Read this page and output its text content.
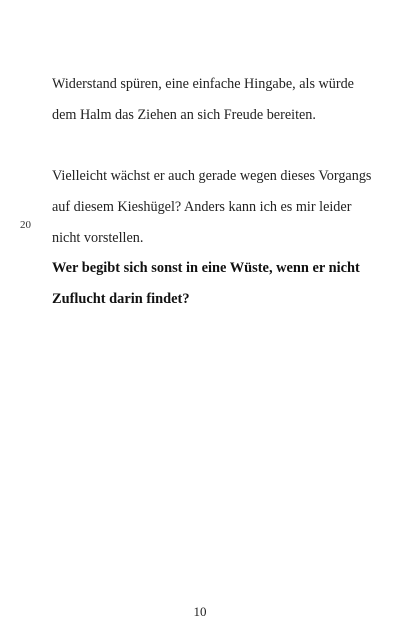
Widerstand spüren, eine einfache Hingabe, als würde
dem Halm das Ziehen an sich Freude bereiten.

Vielleicht wächst er auch gerade wegen dieses Vorgangs
auf diesem Kieshügel? Anders kann ich es mir leider
nicht vorstellen.

20

Wer begibt sich sonst in eine Wüste, wenn er nicht
Zuflucht darin findet?

10
